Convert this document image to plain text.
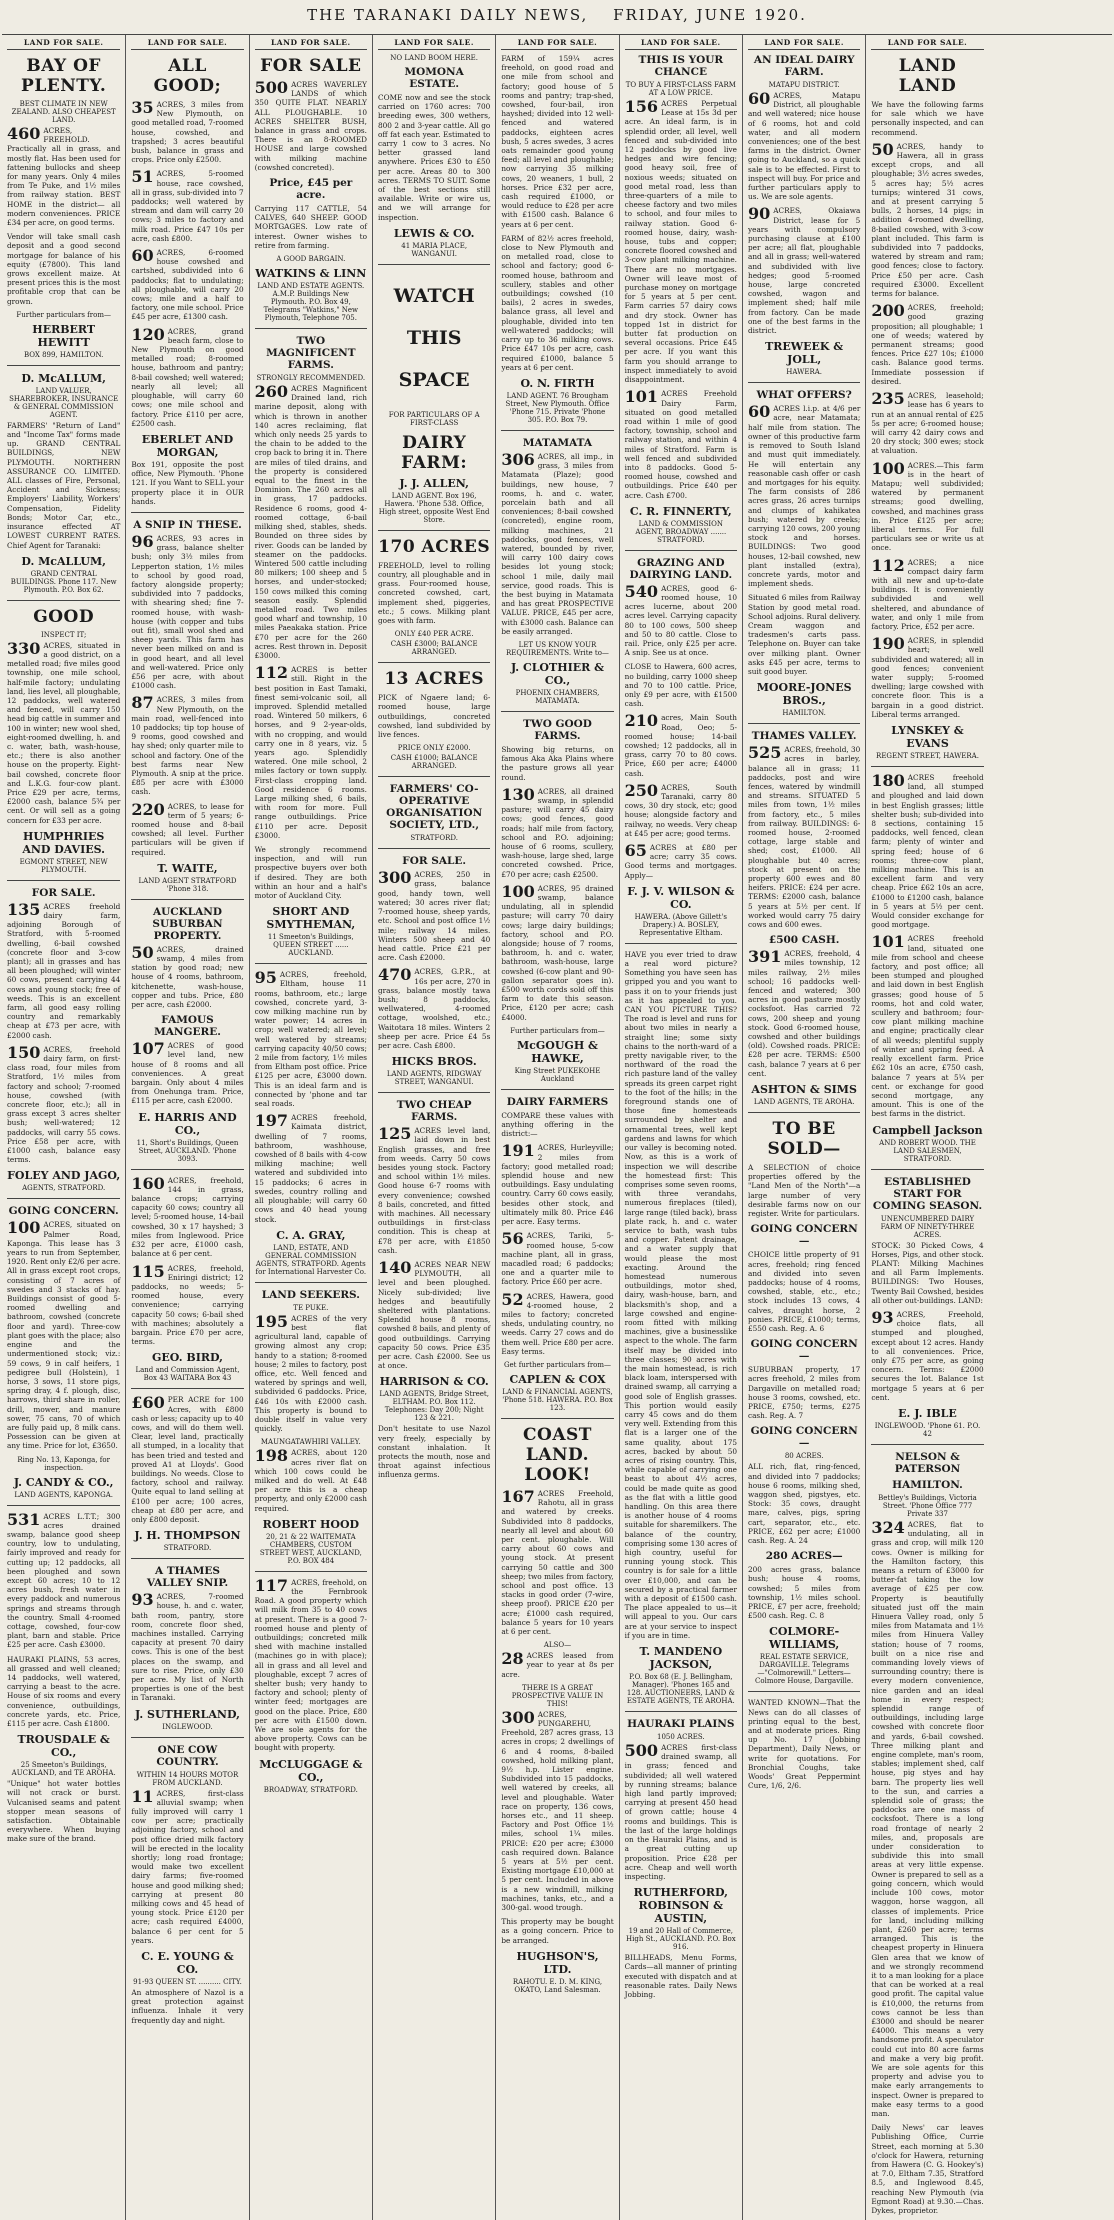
THE TARANAKI DAILY NEWS, FRIDAY, JUNE 1920.
LAND FOR SALE.
BAY OF PLENTY.
BEST CLIMATE IN NEW ZEALAND. ALSO CHEAPEST LAND.

460 ACRES, FREEHOLD. Practically all in grass, and mostly flat. Has been used for fattening bullocks and sheep for many years. Only 4 miles from Te Puke, and 1½ miles from railway station. BEST HOME in the district— all modern conveniences. PRICE £34 per acre, on good terms.

Vendor will take small cash deposit and a good second mortgage for balance of his equity (£7800). This land grows excellent maize. At present prices this is the most profitable crop that can be grown.

Further particulars from—
HERBERT HEWITT
BOX 899, HAMILTON.
D. McALLUM,
LAND VALUER, SHAREBROKER, INSURANCE & GENERAL COMMISSION AGENT.

FARMERS' "Return of Land" and "Income Tax" forms made up. GRAND CENTRAL BUILDINGS, NEW PLYMOUTH. NORTHERN ASSURANCE CO. LIMITED. ALL classes of Fire, Personal, Accident and Sickness; Employers' Liability, Workers' Compensation, Fidelity Bonds; Motor Car, etc., insurance effected AT LOWEST CURRENT RATES. Chief Agent for Taranaki:

D. McALLUM,
GRAND CENTRAL BUILDINGS. Phone 117. New Plymouth. P.O. Box 62.
GOOD
INSPECT IT;

330 ACRES, situated in a good district, on a metalled road; five miles good township, one mile school, half-mile factory; undulating land, lies level, all ploughable, 12 paddocks, well watered and fenced, will carry 150 head big cattle in summer and 100 in winter; new wool shed, eight-roomed dwelling, h. and c. water, bath, wash-house, etc.; there is also another house on the property. Eight-bail cowshed, concrete floor and L.K.G. four-cow plant. Price £29 per acre, terms, £2000 cash, balance 5¾ per cent. Or will sell as a going concern for £33 per acre.

HUMPHRIES AND DAVIES.
EGMONT STREET, NEW PLYMOUTH.
FOR SALE.

135 ACRES freehold dairy farm, adjoining Borough of Stratford, with 5-roomed dwelling, 6-bail cowshed (concrete floor and 3-cow plant); all in grasses and has all been ploughed; will winter 60 cows, present carrying 44 cows and young stock; free of weeds. This is an excellent farm, all good easy rolling country and remarkably cheap at £73 per acre, with £2000 cash.

150 ACRES, freehold dairy farm, on first-class road, four miles from Stratford, 1½ miles from factory and school; 7-roomed house, cowshed (with concrete floor, etc.); all in grass except 3 acres shelter bush; well-watered; 12 paddocks, will carry 55 cows. Price £58 per acre, with £1000 cash, balance easy terms.

FOLEY AND JAGO,
AGENTS, STRATFORD.
GOING CONCERN.

100 ACRES, situated on Palmer Road, Kaponga. This lease has 3 years to run from September, 1920. Rent only £2/6 per acre. All in grass except root crops, consisting of 7 acres of swedes and 3 stacks of hay. Buildings consist of good 5-roomed dwelling and bathroom, cowshed (concrete floor and yard). Three-cow plant goes with the place; also engine and the undermentioned stock; viz.: 59 cows, 9 in calf heifers, 1 pedigree bull (Holstein), 1 horse, 3 sows, 11 store pigs, spring dray, 4 f. plough, disc, harrows, third share in roller, drill, mower, and manure sower, 75 cans, 70 of which are fully paid up, 8 milk cans. Possession can be given at any time. Price for lot, £3650.

Ring No. 13, Kaponga, for inspection.
J. CANDY & CO.,
LAND AGENTS, KAPONGA.

531 ACRES L.T.T.; 300 acres drained swamp, balance good sheep country, low to undulating, fairly improved and ready for cutting up; 12 paddocks, all been ploughed and sown except 60 acres; 10 to 12 acres bush, fresh water in every paddock and numerous springs and streams through the country. Small 4-roomed cottage, cowshed, four-cow plant, barn and stable. Price £25 per acre. Cash £3000.

HAURAKI PLAINS, 53 acres, all grassed and well cleaned; 14 paddocks, well watered, carrying a beast to the acre. House of six rooms and every convenience, outbuildings, concrete yards, etc. Price, £115 per acre. Cash £1800.

TROUSDALE & CO.,
25 Smeeton's Buildings, AUCKLAND, and TE AROHA.

"Unique" hot water bottles will not crack or burst. Vulcanised seams and patent stopper mean seasons of satisfaction. Obtainable everywhere. When buying make sure of the brand.

LAND FOR SALE.
ALL GOOD;

35 ACRES, 3 miles from New Plymouth, on good metalled road, 7-roomed house, cowshed, and trapshed; 3 acres beautiful bush, balance in grass and crops. Price only £2500.

51 ACRES, 5-roomed house, race cowshed, all in grass, sub-divided into 7 paddocks; well watered by stream and dam will carry 20 cows; 3 miles to factory and milk road. Price £47 10s per acre, cash £800.

60 ACRES, 6-roomed house cowshed and cartshed, subdivided into 6 paddocks; flat to undulating; all ploughable, will carry 20 cows; mile and a half to factory, one mile school. Price £45 per acre, £1300 cash.

120 ACRES, grand beach farm, close to New Plymouth on good metalled road; 8-roomed house, bathroom and pantry; 8-bail cowshed; well watered; nearly all level; all ploughable, will carry 60 cows; one mile school and factory. Price £110 per acre, £2500 cash.

EBERLET AND MORGAN,

Box 191, opposite the post office, New Plymouth. 'Phone 121. If you Want to SELL your property place it in OUR hands.

A SNIP IN THESE.

96 ACRES, 93 acres in grass, balance shelter bush; only 3½ miles from Lepperton station, 1½ miles to school by good road, factory alongside property; subdivided into 7 paddocks, with shearing shed; fine 7-roomed house, with wash-house (with copper and tubs out fit), small wool shed and sheep yards. This farm has never been milked on and is in good heart, and all level and well-watered. Price only £56 per acre, with about £1000 cash.

87 ACRES, 3 miles from New Plymouth, on the main road, well-fenced into 10 paddocks; tip top house of 9 rooms, good cowshed and hay shed; only quarter mile to school and factory. One of the best farms near New Plymouth. A snip at the price. £85 per acre with £3000 cash.

220 ACRES, to lease for term of 5 years; 6-roomed house and 8-bail cowshed; all level. Further particulars will be given if required.

T. WAITE,
LAND AGENT STRATFORD 'Phone 318.
AUCKLAND SUBURBAN PROPERTY.

50 ACRES, drained swamp, 4 miles from station by good road; new house of 4 rooms, bathroom, kitchenette, wash-house, copper and tubs. Price, £80 per acre, cash £2000.

FAMOUS MANGERE.

107 ACRES of good level land, new house of 8 rooms and all conveniences. A great bargain. Only about 4 miles from Onehunga tram. Price, £115 per acre, cash £2000.

E. HARRIS AND CO.,
11, Short's Buildings, Queen Street, AUCKLAND. 'Phone 3093.

160 ACRES, freehold, 144 in grass, balance crops; carrying capacity 60 cows; country all level; 5-roomed house, 14-bail cowshed, 30 x 17 hayshed; 3 miles from Inglewood. Price £32 per acre, £1000 cash, balance at 6 per cent.

115 ACRES, freehold, Eniringi district; 12 paddocks, no weeds; 5-roomed house, every convenience; carrying capacity 50 cows; 6-bail shed with machines; absolutely a bargain. Price £70 per acre, terms.

GEO. BIRD,
Land and Commission Agent, Box 43 WAITARA Box 43

£60 PER ACRE for 100 Acres, with £800 cash or less; capacity up to 40 cows, and will do them well. Clear, level land, practically all stumped, in a locality that has been tried and tested and proved A1 at Lloyds'. Good buildings. No weeds. Close to factory, school and railway. Quite equal to land selling at £100 per acre; 100 acres, cheap at £80 per acre, and only £800 deposit.

J. H. THOMPSON
STRATFORD.
A THAMES VALLEY SNIP.

93 ACRES, 7-roomed house, h. and c. water, bath room, pantry, store room, concrete floor shed, machines installed. Carrying capacity at present 70 dairy cows. This is one of the best places on the swamp, and sure to rise. Price, only £30 per acre. My list of North properties is one of the best in Taranaki.

J. SUTHERLAND,
INGLEWOOD.
ONE COW COUNTRY.
WITHIN 14 HOURS MOTOR FROM AUCKLAND.

11 ACRES, first-class alluvial swamp; when fully improved will carry 1 cow per acre; practically adjoining factory, school and post office dried milk factory will be erected in the locality shortly; long road frontage; would make two excellent dairy farms; five-roomed house and good milking shed; carrying at present 80 milking cows and 45 head of young stock. Price £120 per acre; cash required £4000, balance 6 per cent for 5 years.

C. E. YOUNG & CO.
91-93 QUEEN ST. .......... CITY.

An atmosphere of Nazol is a great protection against influenza. Inhale it very frequently day and night.

LAND FOR SALE.
FOR SALE

500 ACRES WAVERLEY LANDS of which 350 QUITE FLAT. NEARLY ALL PLOUGHABLE. 10 ACRES SHELTER BUSH, balance in grass and crops. There is an 8-ROOMED HOUSE and large cowshed with milking machine (cowshed concreted).

Price, £45 per acre.

Carrying 117 CATTLE, 54 CALVES, 640 SHEEP. GOOD MORTGAGES. Low rate of interest. Owner wishes to retire from farming.

A GOOD BARGAIN.
WATKINS & LINN
LAND AND ESTATE AGENTS. A.M.P. Buildings New Plymouth. P.O. Box 49, Telegrams "Watkins," New Plymouth, Telephone 705.
TWO MAGNIFICENT FARMS.
STRONGLY RECOMMENDED.

260 ACRES Magnificent Drained land, rich marine deposit, along with which is thrown in another 140 acres reclaiming, flat which only needs 25 yards to the chain to be added to the crop back to bring it in. There are miles of tiled drains, and the property is considered equal to the finest in the Dominion. The 260 acres all in grass, 17 paddocks. Residence 6 rooms, good 4-roomed cottage, 6-bail milking shed, stables, sheds. Bounded on three sides by river. Goods can be landed by steamer on the paddocks. Wintered 500 cattle including 80 milkers; 100 sheep and 5 horses, and under-stocked; 150 cows milked this coming season easily. Splendid metalled road. Two miles good wharf and township, 10 miles Paeakaka station. Price £70 per acre for the 260 acres. Rest thrown in. Deposit £3000.

112 ACRES is better still. Right in the best position in East Tamaki, finest semi-volcanic soil, all improved. Splendid metalled road. Wintered 50 milkers, 6 horses, and 9 2-year-olds, with no cropping, and would carry one in 8 years, viz. 5 years ago. Splendidly watered. One mile school, 2 miles factory or town supply. First-class cropping land. Good residence 6 rooms. Large milking shed, 6 bails, with room for more. Full range outbuildings. Price £110 per acre. Deposit £3000.

We strongly recommend inspection, and will run prospective buyers over both if desired. They are both within an hour and a half's motor of Auckland City.

SHORT AND SMYTHEMAN,
11 Smeeton's Buildings, QUEEN STREET ...... AUCKLAND.

95 ACRES, freehold, Eltham, house 11 rooms, bathroom, etc.; large cowshed, concrete yard, 3-cow milking machine run by water power; 14 acres in crop; well watered; all level; well watered by streams; carrying capacity 40/50 cows; 2 mile from factory, 1½ miles from Eltham post office. Price £125 per acre, £3000 down. This is an ideal farm and is connected by 'phone and tar seal roads.

197 ACRES freehold, Kaimata district, dwelling of 7 rooms, bathroom, washhouse, cowshed of 8 bails with 4-cow milking machine; well watered and subdivided into 15 paddocks; 6 acres in swedes, country rolling and all ploughable; will carry 60 cows and 40 head young stock.

C. A. GRAY,
LAND, ESTATE, AND GENERAL COMMISSION AGENTS, STRATFORD. Agents for International Harvester Co.
LAND SEEKERS.
TE PUKE.

195 ACRES of the very best flat agricultural land, capable of growing almost any crop; handy to a station; 8-roomed house; 2 miles to factory, post office, etc. Well fenced and watered by springs and well, subdivided 6 paddocks. Price, £46 10s with £2000 cash. This property is bound to double itself in value very quickly.

MAUNGATAWHIRI VALLEY.

198 ACRES, about 120 acres river flat on which 100 cows could be milked and do well. At £48 per acre this is a cheap property, and only £2000 cash required.

ROBERT HOOD
20, 21 & 22 WAITEMATA CHAMBERS, CUSTOM STREET WEST, AUCKLAND, P.O. BOX 484

117 ACRES, freehold, on the Fernbrook Road. A good property which will milk from 35 to 40 cows at present. There is a good 7-roomed house and plenty of outbuildings; concreted milk shed with machine installed (machines go in with place); all in grass and all level and ploughable, except 7 acres of shelter bush; very handy to factory and school; plenty of winter feed; mortgages are good on the place. Price, £80 per acre with £1500 down. We are sole agents for the above property. Cows can be bought with property.

McCLUGGAGE & CO.,
BROADWAY, STRATFORD.
LAND FOR SALE.
NO LAND BOOM HERE.
MOMONA ESTATE.

COME now and see the stock carried on 1760 acres: 700 breeding ewes, 300 wethers, 800 2 and 3-year cattle. All go off fat each year. Estimated to carry 1 cow to 3 acres. No better grassed land anywhere. Prices £30 to £50 per acre. Areas 80 to 300 acres. TERMS TO SUIT. Some of the best sections still available. Write or wire us, and we will arrange for inspection.

LEWIS & CO.
41 MARIA PLACE, WANGANUI.
WATCH THIS SPACE
FOR PARTICULARS OF A FIRST-CLASS
DAIRY FARM:
J. J. ALLEN,
LAND AGENT. Box 196, Hawera. 'Phone 538. Office, High street, opposite West End Store.
170 ACRES

FREEHOLD, level to rolling country, all ploughable and in grass. Four-roomed house, concreted cowshed, cart, implement shed, piggeries, etc.; 5 cows. Milking plant goes with farm.

ONLY £40 PER ACRE.
CASH £3000; BALANCE ARRANGED.
13 ACRES

PICK of Ngaere land; 6-roomed house, large outbuildings, concreted cowshed, land subdivided by live fences.

PRICE ONLY £2000.
CASH £1000; BALANCE ARRANGED.
FARMERS' CO-OPERATIVE ORGANISATION SOCIETY, LTD.,
STRATFORD.
FOR SALE.

300 ACRES, 250 in grass, balance good, handy town, well watered; 30 acres river flat; 7-roomed house, sheep yards, etc. School and post office 1½ mile; railway 14 miles. Winters 500 sheep and 40 head cattle. Price £21 per acre. Cash £2000.

470 ACRES, G.P.R., at 16s per acre, 270 in grass, balance mostly tawa bush; 8 paddocks, wellwatered, 4-roomed cottage, woolshed, etc.; Waitotara 18 miles. Winters 2 sheep per acre. Price £4 5s per acre. Cash £800.

HICKS BROS.
LAND AGENTS, RIDGWAY STREET, WANGANUI.
TWO CHEAP FARMS.

125 ACRES level land, laid down in best English grasses, and free from weeds. Carry 50 cows besides young stock. Factory and school within 1½ miles. Good house 6-7 rooms with every convenience; cowshed 8 bails, concreted, and fitted with machines. All necessary outbuildings in first-class condition. This is cheap at £78 per acre, with £1850 cash.

140 ACRES NEAR NEW PLYMOUTH, all level and been ploughed. Nicely sub-divided; live hedges and beautifully sheltered with plantations. Splendid house 8 rooms, cowshed 8 bails, and plenty of good outbuildings. Carrying capacity 50 cows. Price £35 per acre. Cash £2000. See us at once.

HARRISON & CO.
LAND AGENTS, Bridge Street, ELTHAM. P.O. Box 112. Telephones: Day 200; Night 123 & 221.

Don't hesitate to use Nazol very freely, especially by constant inhalation. It protects the mouth, nose and throat against infectious influenza germs.

LAND FOR SALE.

FARM of 159¼ acres freehold, on good road and one mile from school and factory; good house of 5 rooms and pantry; trap-shed, cowshed, four-bail, iron hayshed; divided into 12 well-fenced and watered paddocks, eighteen acres bush, 5 acres swedes, 3 acres oats remainder good young feed; all level and ploughable; now carrying 35 milking cows, 20 weaners, 1 bull, 2 horses. Price £32 per acre, cash required £1000, or would reduce to £28 per acre with £1500 cash. Balance 6 years at 6 per cent.

FARM of 82½ acres freehold, close to New Plymouth and on metalled road, close to school and factory; good 6-roomed house, bathroom and scullery, stables and other outbuildings; cowshed (10 bails), 2 acres in swedes, balance grass, all level and ploughable, divided into ten well-watered paddocks; will carry up to 36 milking cows. Price £47 10s per acre, cash required £1000, balance 5 years at 6 per cent.

O. N. FIRTH
LAND AGENT. 76 Brougham Street, New Plymouth. Office 'Phone 715. Private 'Phone 305. P.O. Box 79.
MATAMATA

306 ACRES, all imp., in grass, 3 miles from Matamata (Plaze); good buildings, new house, 7 rooms, h. and c. water, porcelain bath and all conveniences; 8-bail cowshed (concreted), engine room, milking machines, 21 paddocks, good fences, well watered, bounded by river, will carry 100 dairy cows besides lot young stock; school 1 mile, daily mail service, good roads. This is the best buying in Matamata and has great PROSPECTIVE VALUE. PRICE, £45 per acre, with £3000 cash. Balance can be easily arranged.

LET US KNOW YOUR REQUIREMENTS. Write to—
J. CLOTHIER & CO.,
PHOENIX CHAMBERS, MATAMATA.
TWO GOOD FARMS.

Showing big returns, on famous Aka Aka Plains where the pasture grows all year round.

130 ACRES, all drained swamp, in splendid pasture; will carry 45 dairy cows; good fences, good roads; half mile from factory, school and P.O. adjoining; house of 6 rooms, scullery, wash-house, large shed, large concreted cowshed. Price, £70 per acre; cash £2500.

100 ACRES, 95 drained swamp, balance undulating, all in splendid pasture; will carry 70 dairy cows; large dairy buildings; factory, school and P.O. alongside; house of 7 rooms, bathroom, h. and c. water, bathroom, wash-house, large cowshed (6-cow plant and 90-gallon separator goes in). £500 worth cords sold off this farm to date this season. Price, £120 per acre; cash £4000.

Further particulars from—
McGOUGH & HAWKE,
King Street PUKEKOHE Auckland
DAIRY FARMERS

COMPARE these values with anything offering in the district:—

191 ACRES, Hurleyville; 2 miles from factory; good metalled road; splendid house and new outbuildings. Easy undulating country. Carry 60 cows easily, besides other stock, and ultimately milk 80. Price £46 per acre. Easy terms.

56 ACRES, Tariki, 5-roomed house, 5-cow machine plant, all in grass, macadled road; 6 paddocks; one and a quarter mile to factory. Price £60 per acre.

52 ACRES, Hawera, good 4-roomed house, 2 miles to factory; concreted sheds, undulating country, no weeds. Carry 27 cows and do them well. Price £80 per acre. Easy terms.

Get further particulars from—
CAPLEN & COX
LAND & FINANCIAL AGENTS, 'Phone 518. HAWERA. P.O. Box 123.
COAST LAND. LOOK!

167 ACRES Freehold, Rahotu, all in grass and watered by creeks. Subdivided into 8 paddocks, nearly all level and about 60 per cent. ploughable. Will carry about 60 cows and young stock. At present carrying 50 cattle and 300 sheep; two miles from factory, school and post office. 13 stacks in good order (7-wire, sheep proof). PRICE £20 per acre; £1000 cash required, balance 5 years for 10 years at 6 per cent.

ALSO—

28 ACRES leased from year to year at 8s per acre.

THERE IS A GREAT PROSPECTIVE VALUE IN THIS!

300 ACRES, PUNGAREHU, Freehold, 287 acres grass, 13 acres in crops; 2 dwellings of 6 and 4 rooms, 8-bailed cowshed, hold milking plant, 9½ h.p. Lister engine. Subdivided into 15 paddocks, well watered by creeks, all level and ploughable. Water race on property, 136 cows, horses etc., and 11 sheep. Factory and Post Office 1½ miles, school 1¼ miles. PRICE: £20 per acre; £3000 cash required down. Balance 5 years at 5½ per cent. Existing mortgage £10,000 at 5 per cent. Included in above is a new windmill, milking machines, tanks, etc., and a 300-gal. wood trough.

This property may be bought as a going concern. Price to be arranged.

HUGHSON'S, LTD.
RAHOTU. E. D. M. KING, OKATO, Land Salesman.
LAND FOR SALE.
THIS IS YOUR CHANCE
TO BUY A FIRST-CLASS FARM AT A LOW PRICE.

156 ACRES Perpetual Lease at 15s 3d per acre. An ideal farm, is in splendid order, all level, well fenced and sub-divided into 12 paddocks by good live hedges and wire fencing; good heavy soil, free of noxious weeds; situated on good metal road, less than three-quarters of a mile to cheese factory and two miles to school, and four miles to railway station. Good 6-roomed house, dairy, wash-house, tubs and copper; concrete floored cowshed and 3-cow plant milking machine. There are no mortgages. Owner will leave most of purchase money on mortgage for 5 years at 5 per cent. Farm carries 57 dairy cows and dry stock. Owner has topped 1st in district for butter fat production on several occasions. Price £45 per acre. If you want this farm you should arrange to inspect immediately to avoid disappointment.

101 ACRES Freehold Dairy Farm, situated on good metalled road within 1 mile of good factory, township, school and railway station, and within 4 miles of Stratford. Farm is well fenced and subdivided into 8 paddocks. Good 5-roomed house, cowshed and outbuildings. Price £40 per acre. Cash £700.

C. R. FINNERTY,
LAND & COMMISSION AGENT, BROADWAY ....... STRATFORD.
GRAZING AND DAIRYING LAND.

540 ACRES, good 6-roomed house, 10 acres lucerne, about 200 acres level. Carrying capacity 80 to 100 cows, 500 sheep and 50 to 80 cattle. Close to rail. Price, only £25 per acre. A snip. See us at once.

CLOSE to Hawera, 600 acres, no building, carry 1000 sheep and 70 to 100 cattle. Price, only £9 per acre, with £1500 cash.

210 acres, Main South Road, Oeo; 5-roomed house; 14-bail cowshed; 12 paddocks, all in grass, carry 70 to 80 cows. Price, £60 per acre; £4000 cash.

250 ACRES, South Taranaki, carry 80 cows, 30 dry stock, etc; good house; alongside factory and railway, no weeds. Very cheap at £45 per acre; good terms.

65 ACRES at £80 per acre; carry 35 cows. Good terms and mortgages. Apply—

F. J. V. WILSON & CO.
HAWERA. (Above Gillett's Drapery.) A. BOSLEY, Representative Eltham.

HAVE you ever tried to draw a real word picture? Something you have seen has gripped you and you want to pass it on to your friends just as it has appealed to you. CAN YOU PICTURE THIS? The road is level and runs for about two miles in nearly a straight line; some sixty chains to the north-ward of a pretty navigable river, to the northward of the road the rich pasture land of the valley spreads its green carpet right to the foot of the hills; in the foreground stands one of those fine homesteads surrounded by shelter and ornamental trees, well kept gardens and lawns for which our valley is becoming noted. Now, as this is a work of inspection we will describe the homestead first: This comprises some seven rooms, with three verandahs, numerous fireplaces (tiled), large range (tiled back), brass plate rack, h. and c. water service to bath, wash tubs and copper. Patent drainage, and a water supply that would please the most exacting. Around the homestead numerous outbuildings, motor shed, dairy, wash-house, barn, and blacksmith's shop, and a large cowshed and engine-room fitted with milking machines, give a businesslike aspect to the whole. The farm itself may be divided into three classes; 90 acres with the main homestead, is rich black loam, interspersed with drained swamp, all carrying a good sole of English grasses. This portion would easily carry 45 cows and do them very well. Extending from this flat is a larger one of the same quality, about 175 acres, backed by about 50 acres of rising country. This, while capable of carrying one beast to about 4½ acres, could be made quite as good as the flat with a little good handling. On this area there is another house of 4 rooms suitable for sharemilkers. The balance of the country, comprising some 130 acres of high country, useful for running young stock. This country is for sale for a little over £10,000, and can be secured by a practical farmer with a deposit of £1500 cash. The place appealed to us—it will appeal to you. Our cars are at your service to inspect if you are in time.

T. MANDENO JACKSON,
P.O. Box 68 (E. J. Bellingham, Manager). 'Phones 165 and 128. AUCTIONEERS, LAND & ESTATE AGENTS, TE AROHA.
HAURAKI PLAINS
1050 ACRES.

500 ACRES first-class drained swamp, all in grass; fenced and subdivided; all well watered by running streams; balance high land partly improved; carrying at present 450 head of grown cattle; house 4 rooms and buildings. This is the last of the large holdings on the Hauraki Plains, and is a great cutting up proposition. Price £28 per acre. Cheap and well worth inspecting.

RUTHERFORD, ROBINSON & AUSTIN,
19 and 20 Hall of Commerce, High St., AUCKLAND. P.O. Box 916.

BILLHEADS, Menu Forms, Cards—all manner of printing executed with dispatch and at reasonable rates. Daily News Jobbing.

LAND FOR SALE.
AN IDEAL DAIRY FARM.
MATAPU DISTRICT.

60 ACRES, Matapu District, all ploughable and well watered; nice house of 6 rooms, hot and cold water, and all modern conveniences; one of the best farms in the district. Owner going to Auckland, so a quick sale is to be effected. First to inspect will buy. For price and further particulars apply to us. We are sole agents.

90 ACRES, Okaiawa District, lease for 5 years with compulsory purchasing clause at £100 per acre; all flat, ploughable and all in grass; well-watered and subdivided with live hedges; good 5-roomed house, large concreted cowshed, wagon and implement shed; half mile from factory. Can be made one of the best farms in the district.

TREWEEK & JOLL,
HAWERA.
WHAT OFFERS?

60 ACRES l.i.p. at 4/6 per acre, near Matamata; half mile from station. The owner of this productive farm is removed to South Island and must quit immediately. He will entertain any reasonable cash offer or cash and mortgages for his equity. The farm consists of 286 acres grass, 26 acres turnips and clumps of kahikatea bush; watered by creeks; carrying 120 cows, 200 young stock and horses. BUILDINGS: Two good houses, 12-bail cowshed, new plant installed (extra), concrete yards, motor and implement sheds.

Situated 6 miles from Railway Station by good metal road. School adjoins. Rural delivery. Cream waggon and tradesmen's carts pass. Telephone on. Buyer can take over milking plant. Owner asks £45 per acre, terms to suit good buyer.

MOORE-JONES BROS.,
HAMILTON.
THAMES VALLEY.

525 ACRES, freehold, 30 acres in barley, balance all in grass; 11 paddocks, post and wire fences, watered by windmill and streams. SITUATED 5 miles from town, 1½ miles from factory, etc., 5 miles from railway. BUILDINGS: 6-roomed house, 2-roomed cottage, large stable and shed; cost, £1000. All ploughable but 40 acres; stock at present on the property 600 ewes and 80 heifers. PRICE: £24 per acre. TERMS: £2000 cash, balance 5 years at 5½ per cent. If worked would carry 75 dairy cows and 600 ewes.

£500 CASH.

391 ACRES, freehold, 4 miles township, 12 miles railway, 2½ miles school; 16 paddocks well-fenced and watered; 300 acres in good pasture mostly cocksfoot. Has carried 72 cows, 200 sheep and young stock. Good 6-roomed house, cowshed and other buildings (old). Cowshed roads. PRICE: £28 per acre. TERMS: £500 cash, balance 7 years at 6 per cent.

ASHTON & SIMS
LAND AGENTS, TE AROHA.
TO BE SOLD—

A SELECTION of choice properties offered by the "Land Men of the North"—a large number of very desirable farms now on our register. Write for particulars.

GOING CONCERN—

CHOICE little property of 91 acres, freehold; ring fenced and divided into seven paddocks; house of 4 rooms, cowshed, stable, etc., etc.; stock includes 13 cows, 4 calves, draught horse, 2 ponies. PRICE, £1000; terms, £550 cash. Reg. A. 6

GOING CONCERN—

SUBURBAN property, 17 acres freehold, 2 miles from Dargaville on metalled road; house 3 rooms, cowshed, etc. PRICE, £750; terms, £275 cash. Reg. A. 7

GOING CONCERN—
80 ACRES.

ALL rich, flat, ring-fenced, and divided into 7 paddocks; house 6 rooms, milking shed, waggon shed, pigstyes, etc. Stock: 35 cows, draught mare, calves, pigs, spring cart, separator, etc., etc. PRICE, £62 per acre; £1000 cash. Reg. A. 24

280 ACRES—

200 acres grass, balance bush; house 4 rooms, cowshed; 5 miles from township, 1½ miles school. PRICE, £7 per acre, freehold; £500 cash. Reg. C. 8

COLMORE-WILLIAMS,
REAL ESTATE SERVICE, DARGAVILLE. Telegrams—"Colmorewill." Letters—Colmore House, Dargaville.

WANTED KNOWN—That the News can do all classes of printing equal to the best, and at moderate prices. Ring up No. 17 (Jobbing Department), Daily News, or write for quotations. For Bronchial Coughs, take Woods' Great Peppermint Cure, 1/6, 2/6.

LAND FOR SALE.
LAND LAND

We have the following farms for sale which we have personally inspected, and can recommend.

50 ACRES, handy to Hawera, all in grass except crops, and all ploughable; 3½ acres swedes, 5 acres hay; 5½ acres turnips; wintered 31 cows, and at present carrying 5 bulls, 2 horses, 14 pigs; in addition 4-roomed dwelling, 8-bailed cowshed, with 3-cow plant included. This farm is subdivided into 7 paddocks, watered by stream and ram; good fences; close to factory. Price £50 per acre. Cash required £3000. Excellent terms for balance.

200 ACRES, freehold; good grazing proposition; all ploughable; 1 one of weeds; watered by permanent streams; good fences. Price £27 10s; £1000 cash. Balance good terms. Immediate possession if desired.

235 ACRES, leasehold; lease has 6 years to run at an annual rental of £25 5s per acre; 6-roomed house; will carry 42 dairy cows and 20 dry stock; 300 ewes; stock at valuation.

100 ACRES.—This farm is in the heart of Matapu; well subdivided; watered by permanent streams; good dwelling, cowshed, and machines grass in. Price £125 per acre; liberal terms. For full particulars see or write us at once.

112 ACRES; a nice compact dairy farm with all new and up-to-date buildings. It is conveniently subdivided and well sheltered, and abundance of water, and only 1 mile from factory. Price, £52 per acre.

190 ACRES, in splendid heart; well subdivided and watered; all in good fences; convenient water supply; 5-roomed dwelling; large cowshed with concrete floor. This is a bargain in a good district. Liberal terms arranged.

LYNSKEY & EVANS
REGENT STREET, HAWERA.

180 ACRES freehold land, all stumped and ploughed and laid down in best English grasses; little shelter bush; sub-divided into 8 sections, containing 15 paddocks, well fenced, clean farm; plenty of winter and spring feed; house of 6 rooms; three-cow plant, milking machine. This is an excellent farm and very cheap. Price £62 10s an acre, £1000 to £1200 cash, balance in 5 years at 5½ per cent. Would consider exchange for good mortgage.

101 ACRES freehold land, situated one mile from school and cheese factory, and post office; all been stumped and ploughed and laid down in best English grasses; good house of 5 rooms, hot and cold water, scullery and bathroom; four-cow plant milking machine and engine; practically clear of all weeds; plentiful supply of winter and spring feed. A really excellent farm. Price £62 10s an acre, £750 cash, balance 7 years at 5¼ per cent. or exchange for good second mortgage, any amount. This is one of the best farms in the district.

Campbell Jackson
AND ROBERT WOOD. THE LAND SALESMEN, STRATFORD.
ESTABLISHED START FOR COMING SEASON.
UNENCUMBERED DAIRY FARM OF NINETY-THREE ACRES.

STOCK: 30 Picked Cows, 4 Horses, Pigs, and other stock. PLANT: Milking Machines and all Farm Implements. BUILDINGS: Two Houses, Twenty Bail Cowshed, besides all other out-buildings. LAND:

93 ACRES, Freehold, choice flats, all stumped and ploughed, except about 12 acres. Handy to all conveniences. Price, only £75 per acre, as going concern. Terms: £2000 secures the lot. Balance 1st mortgage 5 years at 6 per cent.

E. J. IBLE
INGLEWOOD. 'Phone 61. P.O. 42
NELSON & PATERSON
HAMILTON.
Bettley's Buildings, Victoria Street. 'Phone Office 777 Private 337

324 ACRES, flat to undulating, all in grass and crop, will milk 120 cows. Owner is milking for the Hamilton factory, this means a return of £3000 for butter-fat taking the low average of £25 per cow. Property is beautifully situated just off the main Hinuera Valley road, only 5 miles from Matamata and 1½ miles from Hinuera Valley station; house of 7 rooms, built on a nice rise and commanding lovely views of surrounding country; there is every modern convenience, nice garden and an ideal home in every respect; splendid range of outbuildings, including large cowshed with concrete floor and yards, 6-bail cowshed. Three milking plant and engine complete, man's room, stables; implement shed, calf house, pig styes and hay barn. The property lies well to the sun, and carries a splendid sole of grass; the paddocks are one mass of cocksfoot. There is a long road frontage of nearly 2 miles, and, proposals are under consideration to subdivide this into small areas at very little expense. Owner is prepared to sell as a going concern, which would include 100 cows, motor waggon, horse waggon, all classes of implements. Price for land, including milking plant, £260 per acre; terms arranged. This is the cheapest property in Hinuera Glen area that we know of and we strongly recommend it to a man looking for a place that can be worked at a real good profit. The capital value is £10,000, the returns from cows cannot be less than £3000 and should be nearer £4000. This means a very handsome profit. A speculator could cut into 80 acre farms and make a very big profit. We are sole agents for this property and advise you to make early arrangements to inspect. Owner is prepared to make easy terms to a good man.

Daily News' car leaves Publishing Office, Currie Street, each morning at 5.30 o'clock for Hawera, returning from Hawera (C. G. Hookey's) at 7.0, Eltham 7.35, Stratford 8.5, and Inglewood 8.45, reaching New Plymouth (via Egmont Road) at 9.30.—Chas. Dykes, proprietor.
